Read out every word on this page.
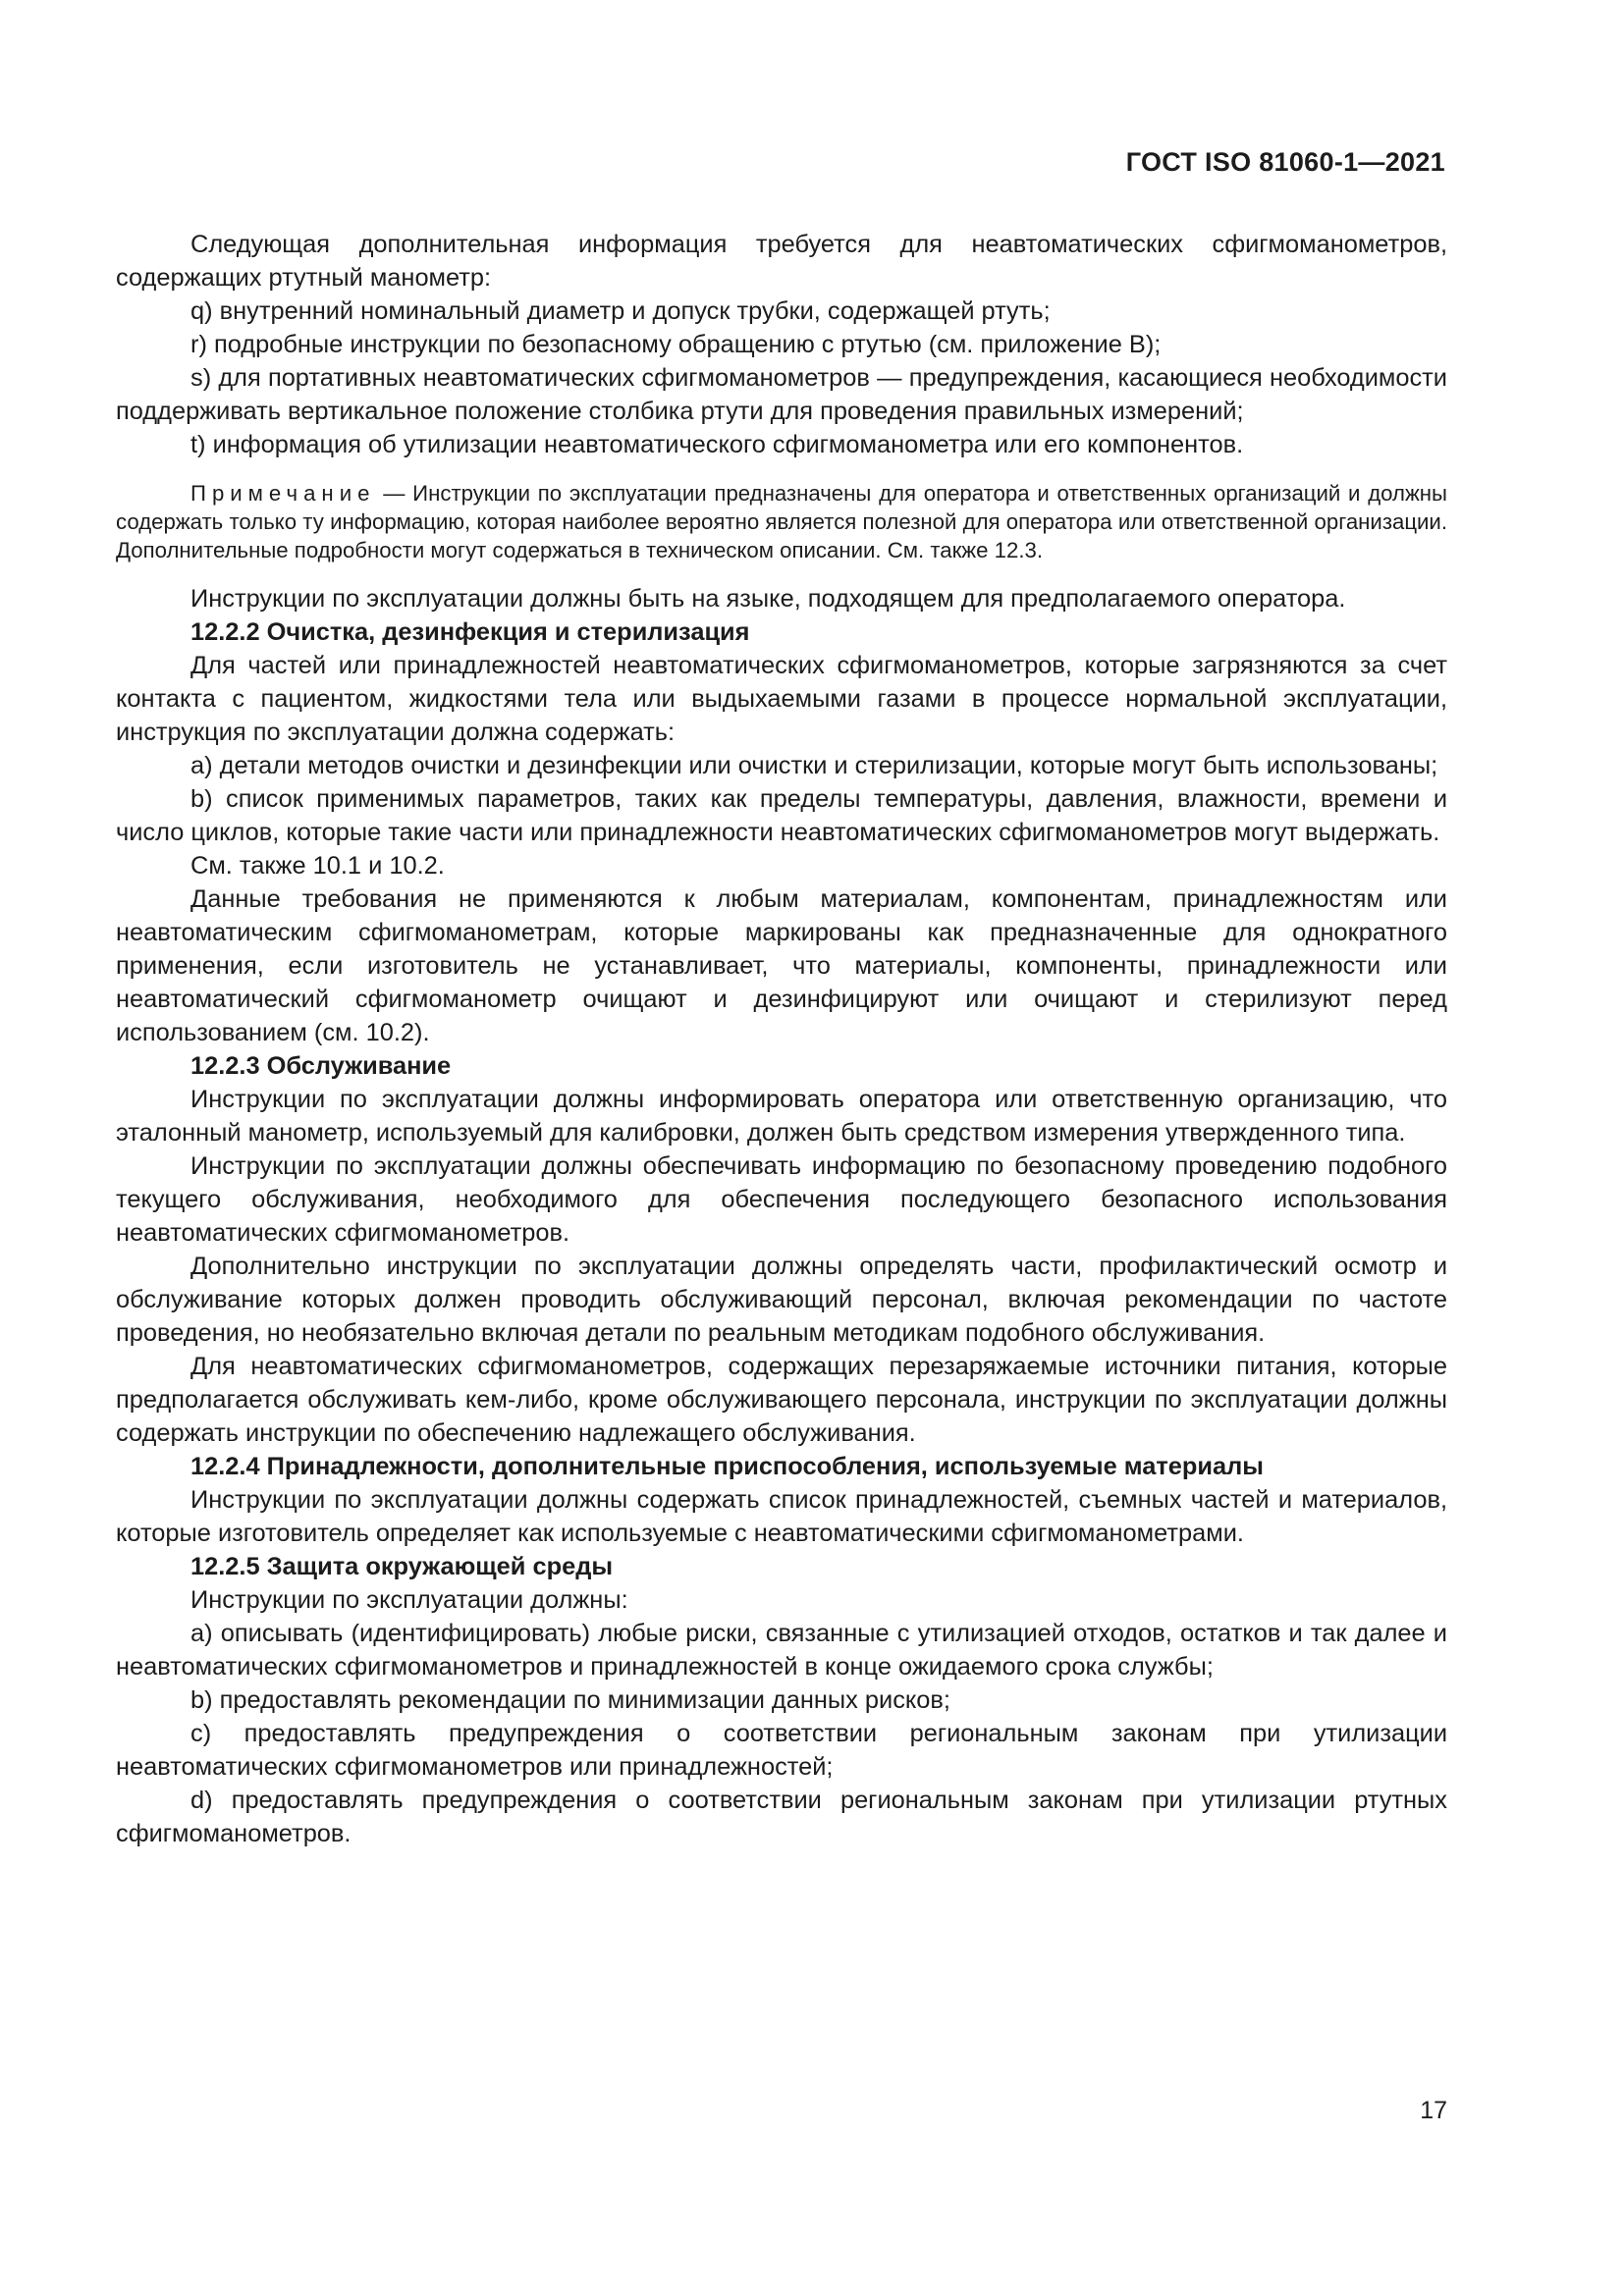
ГОСТ ISO 81060-1—2021

Следующая дополнительная информация требуется для неавтоматических сфигмоманометров, содержащих ртутный манометр:

q) внутренний номинальный диаметр и допуск трубки, содержащей ртуть;

r) подробные инструкции по безопасному обращению с ртутью (см. приложение В);

s) для портативных неавтоматических сфигмоманометров — предупреждения, касающиеся необходимости поддерживать вертикальное положение столбика ртути для проведения правильных измерений;

t) информация об утилизации неавтоматического сфигмоманометра или его компонентов.

Примечание — Инструкции по эксплуатации предназначены для оператора и ответственных организаций и должны содержать только ту информацию, которая наиболее вероятно является полезной для оператора или ответственной организации. Дополнительные подробности могут содержаться в техническом описании. См. также 12.3.

Инструкции по эксплуатации должны быть на языке, подходящем для предполагаемого оператора.

12.2.2 Очистка, дезинфекция и стерилизация

Для частей или принадлежностей неавтоматических сфигмоманометров, которые загрязняются за счет контакта с пациентом, жидкостями тела или выдыхаемыми газами в процессе нормальной эксплуатации, инструкция по эксплуатации должна содержать:

a) детали методов очистки и дезинфекции или очистки и стерилизации, которые могут быть использованы;

b) список применимых параметров, таких как пределы температуры, давления, влажности, времени и число циклов, которые такие части или принадлежности неавтоматических сфигмоманометров могут выдержать.

См. также 10.1 и 10.2.

Данные требования не применяются к любым материалам, компонентам, принадлежностям или неавтоматическим сфигмоманометрам, которые маркированы как предназначенные для однократного применения, если изготовитель не устанавливает, что материалы, компоненты, принадлежности или неавтоматический сфигмоманометр очищают и дезинфицируют или очищают и стерилизуют перед использованием (см. 10.2).

12.2.3 Обслуживание

Инструкции по эксплуатации должны информировать оператора или ответственную организацию, что эталонный манометр, используемый для калибровки, должен быть средством измерения утвержденного типа.

Инструкции по эксплуатации должны обеспечивать информацию по безопасному проведению подобного текущего обслуживания, необходимого для обеспечения последующего безопасного использования неавтоматических сфигмоманометров.

Дополнительно инструкции по эксплуатации должны определять части, профилактический осмотр и обслуживание которых должен проводить обслуживающий персонал, включая рекомендации по частоте проведения, но необязательно включая детали по реальным методикам подобного обслуживания.

Для неавтоматических сфигмоманометров, содержащих перезаряжаемые источники питания, которые предполагается обслуживать кем-либо, кроме обслуживающего персонала, инструкции по эксплуатации должны содержать инструкции по обеспечению надлежащего обслуживания.

12.2.4 Принадлежности, дополнительные приспособления, используемые материалы

Инструкции по эксплуатации должны содержать список принадлежностей, съемных частей и материалов, которые изготовитель определяет как используемые с неавтоматическими сфигмоманометрами.

12.2.5 Защита окружающей среды

Инструкции по эксплуатации должны:

a) описывать (идентифицировать) любые риски, связанные с утилизацией отходов, остатков и так далее и неавтоматических сфигмоманометров и принадлежностей в конце ожидаемого срока службы;

b) предоставлять рекомендации по минимизации данных рисков;

c) предоставлять предупреждения о соответствии региональным законам при утилизации неавтоматических сфигмоманометров или принадлежностей;

d) предоставлять предупреждения о соответствии региональным законам при утилизации ртутных сфигмоманометров.

17
